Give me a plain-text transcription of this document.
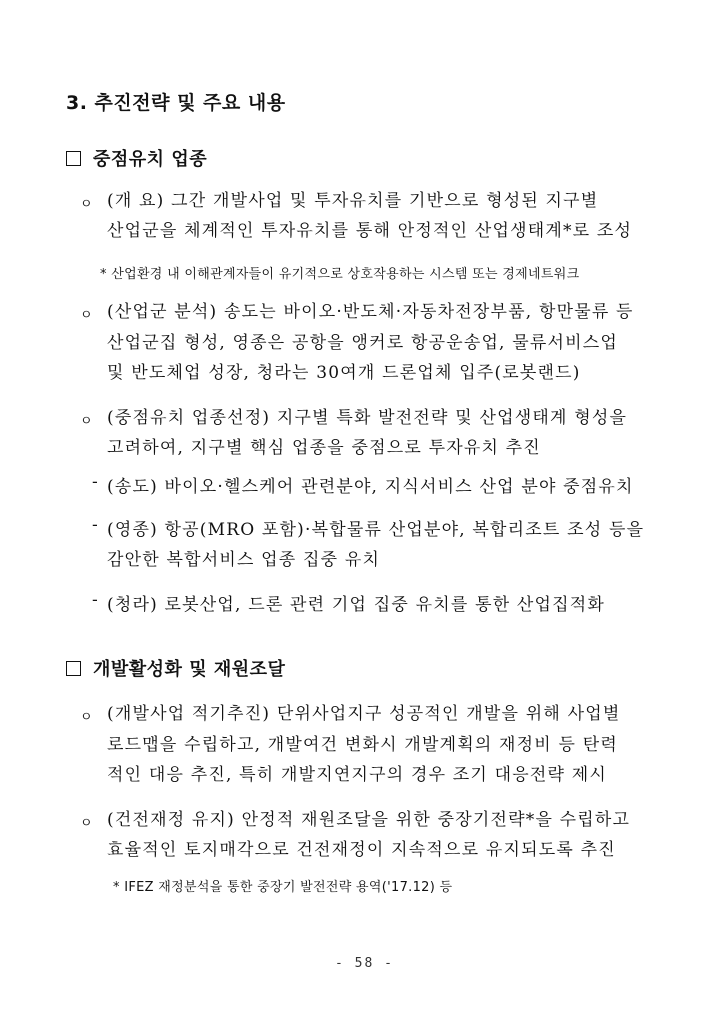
3. 추진전략 및 주요 내용
중점유치 업종
ㅇ (개 요) 그간 개발사업 및 투자유치를 기반으로 형성된 지구별
산업군을 체계적인 투자유치를 통해 안정적인 산업생태계*로 조성
* 산업환경 내 이해관계자들이 유기적으로 상호작용하는 시스템 또는 경제네트워크
ㅇ (산업군 분석) 송도는 바이오·반도체·자동차전장부품, 항만물류 등
산업군집 형성, 영종은 공항을 앵커로 항공운송업, 물류서비스업
및 반도체업 성장, 청라는 30여개 드론업체 입주(로봇랜드)
ㅇ (중점유치 업종선정) 지구별 특화 발전전략 및 산업생태계 형성을
고려하여, 지구별 핵심 업종을 중점으로 투자유치 추진
- (송도) 바이오·헬스케어 관련분야, 지식서비스 산업 분야 중점유치
- (영종) 항공(MRO 포함)·복합물류 산업분야, 복합리조트 조성 등을
감안한 복합서비스 업종 집중 유치
- (청라) 로봇산업, 드론 관련 기업 집중 유치를 통한 산업집적화
개발활성화 및 재원조달
ㅇ (개발사업 적기추진) 단위사업지구 성공적인 개발을 위해 사업별
로드맵을 수립하고, 개발여건 변화시 개발계획의 재정비 등 탄력
적인 대응 추진, 특히 개발지연지구의 경우 조기 대응전략 제시
ㅇ (건전재정 유지) 안정적 재원조달을 위한 중장기전략*을 수립하고
효율적인 토지매각으로 건전재정이 지속적으로 유지되도록 추진
* IFEZ 재정분석을 통한 중장기 발전전략 용역('17.12) 등
- 58 -
